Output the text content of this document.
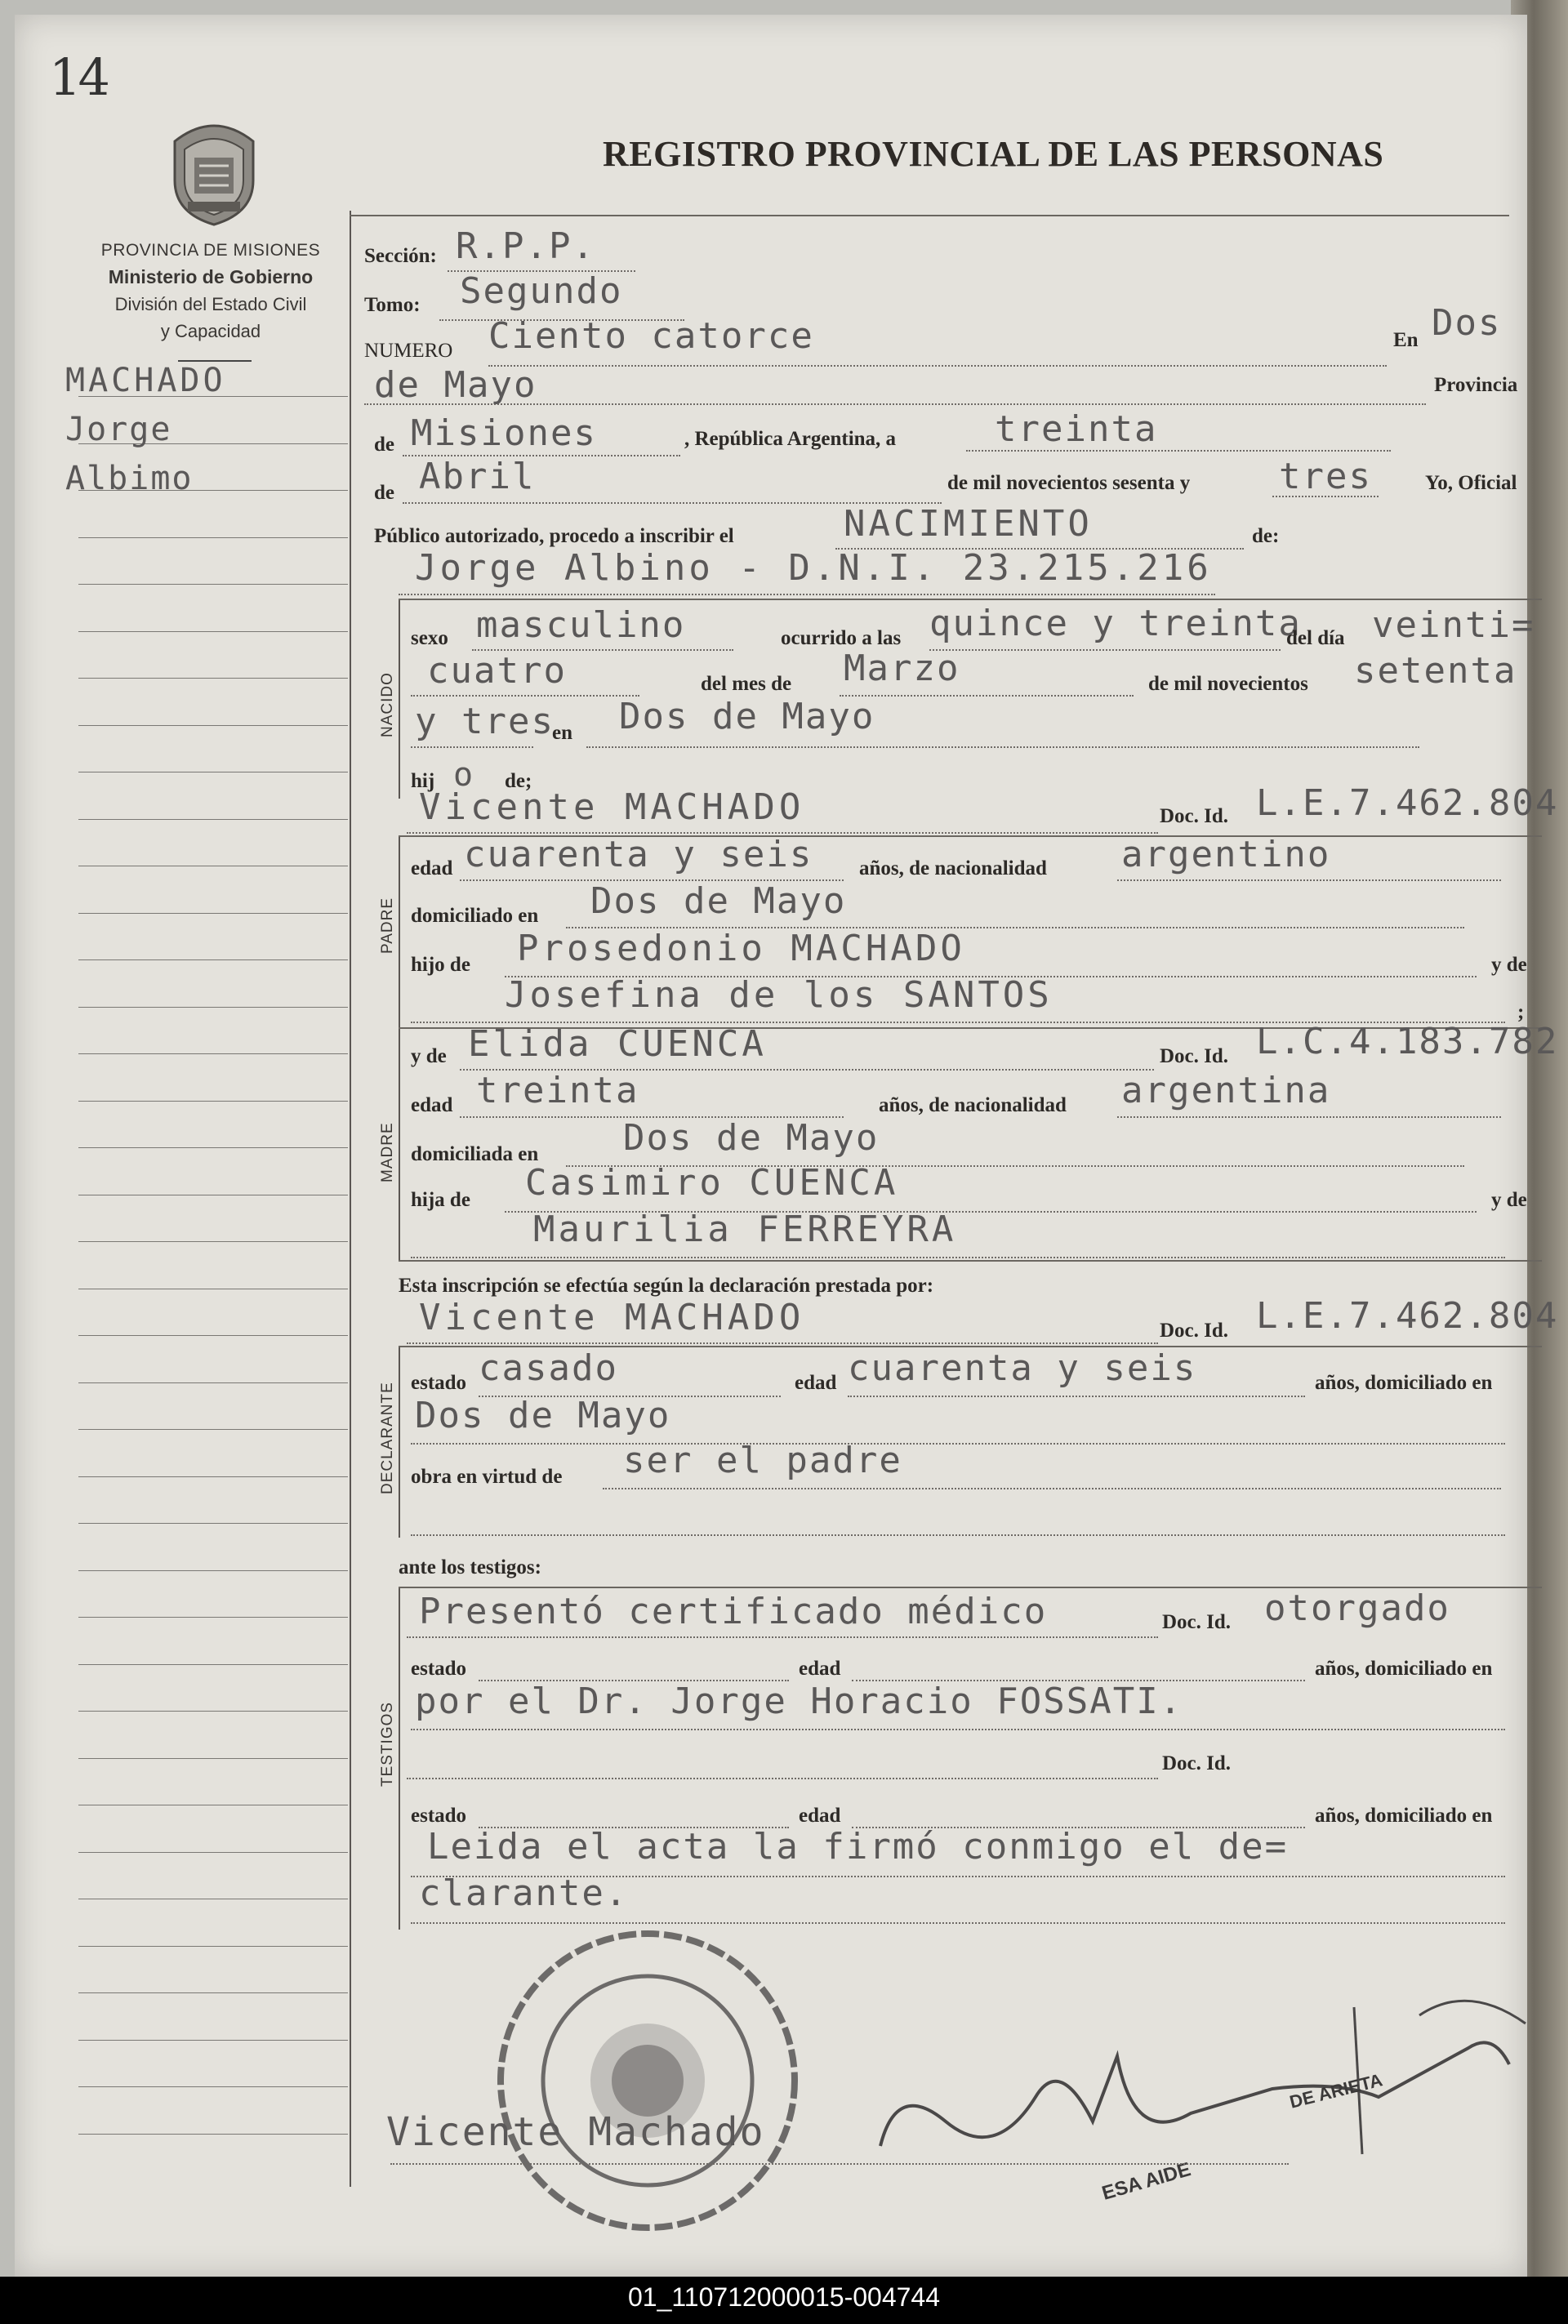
14
REGISTRO PROVINCIAL DE LAS PERSONAS
PROVINCIA DE MISIONES
Ministerio de Gobierno
División del Estado Civil
y Capacidad
MACHADO
Jorge
Albimo
Sección: R.P.P.
Tomo: Segundo
NUMERO Ciento catorce	En Dos
de Mayo	Provincia
de Misiones	, República Argentina, a	treinta
de Abril	de mil novecientos sesenta y tres	Yo, Oficial
Público autorizado, procedo a inscribir el	NACIMIENTO	de:
Jorge Albino - D.N.I. 23.215.216
NACIDO
sexo masculino	ocurrido a las quince y treinta
del día veinti=
cuatro	del mes de Marzo	de mil novecientos setenta
y tres
en Dos de Mayo
hij o de;
Vicente MACHADO	Doc. Id. L.E.7.462.804
PADRE
edad cuarenta y seis años, de nacionalidad argentino
domiciliado en Dos de Mayo
hijo de Prosedonio MACHADO	y de
Josefina de los SANTOS	;
MADRE
y de Elida CUENCA	Doc. Id. L.C.4.183.782
edad treinta	años, de nacionalidad argentina
domiciliada en Dos de Mayo
hija de Casimiro CUENCA	y de
Maurilia FERREYRA
Esta inscripción se efectúa según la declaración prestada por:
Vicente MACHADO	Doc. Id. L.E.7.462.804
DECLARANTE estado casado	edad cuarenta y seis	años, domiciliado en
Dos de Mayo
obra en virtud de ser el padre
ante los testigos:
TESTIGOS
Presentó certificado médico	Doc. Id. otorgado
estado	edad	años, domiciliado en
por el Dr. Jorge Horacio FOSSATI.
Doc. Id.
estado	edad	años, domiciliado en
Leida el acta la firmó conmigo el de=
clarante.
DE ARIETA
ESA AIDE
Vicente Machado
01_110712000015-004744
